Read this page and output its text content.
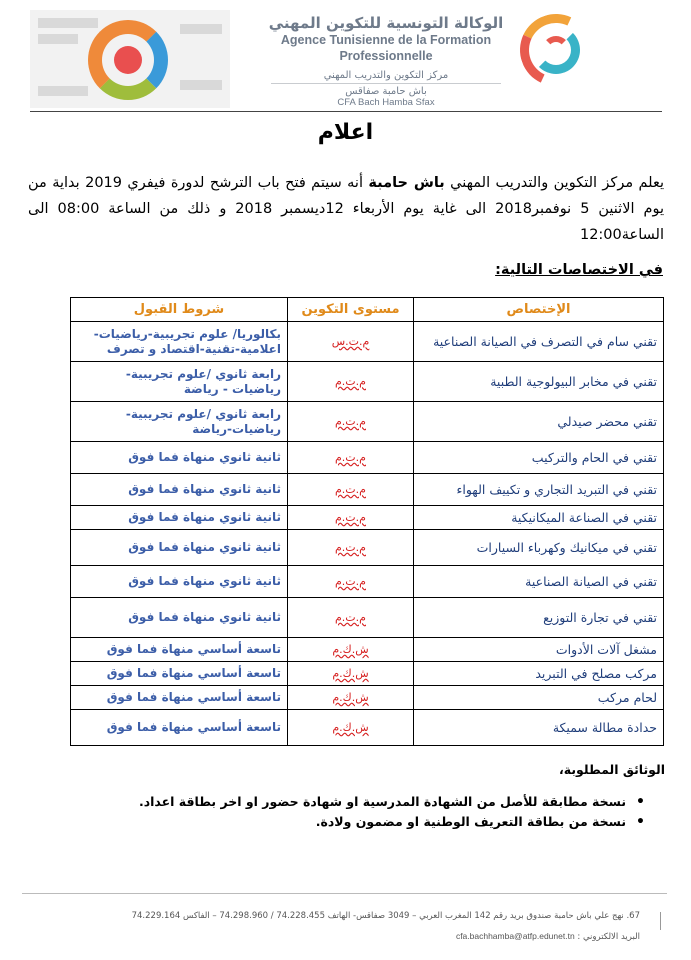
الوكالة التونسية للتكوين المهني
Agence Tunisienne de la Formation
Professionnelle
مركز التكوين والتدريب المهني
باش حامبة صفاقس
CFA Bach Hamba Sfax
اعلام
يعلم مركز التكوين والتدريب المهني باش حامبة أنه سيتم فتح باب الترشح لدورة فيفري 2019 بداية من يوم الاثنين 5 نوفمبر2018 الى غاية يوم الأربعاء 12ديسمبر 2018 و ذلك من الساعة 08:00 الى الساعة12:00
في الاختصاصات التالية:
الإختصاص	مستوى التكوين	شروط القبول
تقني سام في التصرف في الصيانة الصناعية	م.ت.س	بكالوريا/ علوم تجريبية-رياضيات-اعلامية-تقنية-اقتصاد و تصرف
تقني في مخابر البيولوجية الطبية	م.ت.م	رابعة ثانوي /علوم تجريبية-رياضيات - رياضة
تقني محضر صيدلي	م.ت.م	رابعة ثانوي /علوم تجريبية-رياضيات-رياضة
تقني في الحام والتركيب	م.ت.م	ثانية ثانوي منهاة فما فوق
تقني في التبريد التجاري و تكييف الهواء	م.ت.م	ثانية ثانوي منهاة فما فوق
تقني في الصناعة الميكانيكية	م.ت.م	ثانية ثانوي منهاة فما فوق
تقني في ميكانيك وكهرباء السيارات	م.ت.م	ثانية ثانوي منهاة فما فوق
تقني في الصيانة الصناعية	م.ت.م	ثانية ثانوي منهاة فما فوق
تقني في تجارة التوزيع	م.ت.م	ثانية ثانوي منهاة فما فوق
مشغل آلات الأدوات	ش.ك.م	تاسعة أساسي منهاة فما فوق
مركب مصلح في التبريد	ش.ك.م	تاسعة أساسي منهاة فما فوق
لحام مركب	ش.ك.م	تاسعة أساسي منهاة فما فوق
حدادة مطالة سميكة	ش.ك.م	تاسعة أساسي منهاة فما فوق
الوثائق المطلوبة،
• نسخة مطابقة للأصل من الشهادة المدرسية او شهادة حضور او اخر بطاقة اعداد.
• نسخة من بطاقة التعريف الوطنية او مضمون ولادة.
67. نهج علي باش حامبة صندوق بريد رقم 142 المغرب العربي – 3049 صفاقس- الهاتف 74.228.455 / 74.298.960 – الفاكس 74.229.164
البريد الالكتروني : cfa.bachhamba@atfp.edunet.tn
